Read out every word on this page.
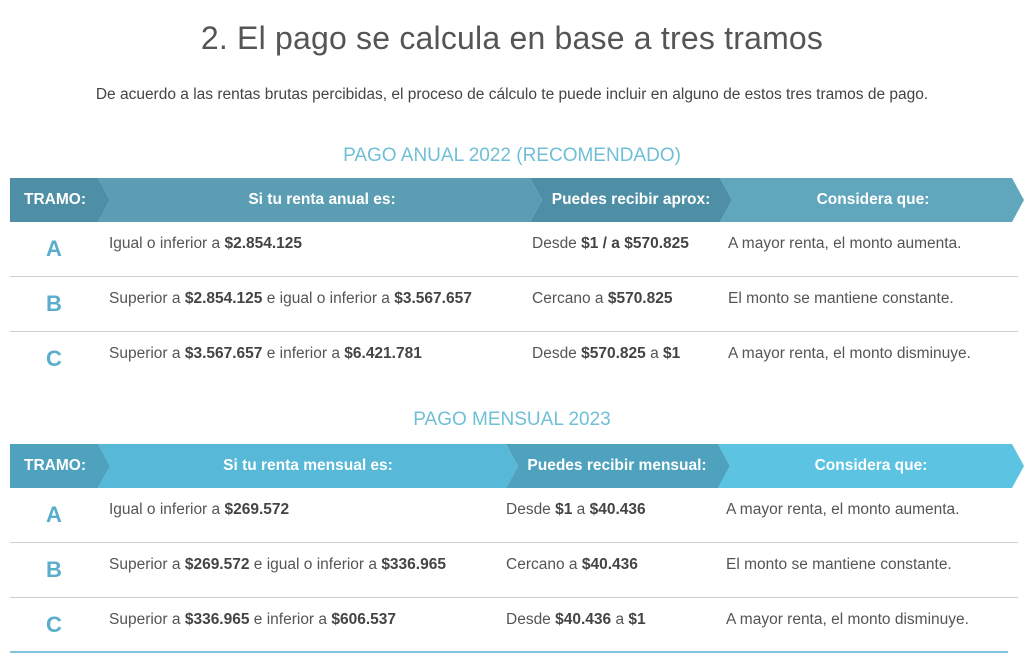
2. El pago se calcula en base a tres tramos

De acuerdo a las rentas brutas percibidas, el proceso de cálculo te puede incluir en alguno de estos tres tramos de pago.

PAGO ANUAL 2022 (RECOMENDADO)
TRAMO:	Si tu renta anual es:	Puedes recibir aprox:	Considera que:
A	Igual o inferior a $2.854.125	Desde $1 / a $570.825	A mayor renta, el monto aumenta.
B	Superior a $2.854.125 e igual o inferior a $3.567.657	Cercano a $570.825	El monto se mantiene constante.
C	Superior a $3.567.657 e inferior a $6.421.781	Desde $570.825 a $1	A mayor renta, el monto disminuye.
PAGO MENSUAL 2023
TRAMO:	Si tu renta mensual es:	Puedes recibir mensual:	Considera que:
A	Igual o inferior a $269.572	Desde $1 a $40.436	A mayor renta, el monto aumenta.
B	Superior a $269.572 e igual o inferior a $336.965	Cercano a $40.436	El monto se mantiene constante.
C	Superior a $336.965 e inferior a $606.537	Desde $40.436 a $1	A mayor renta, el monto disminuye.
